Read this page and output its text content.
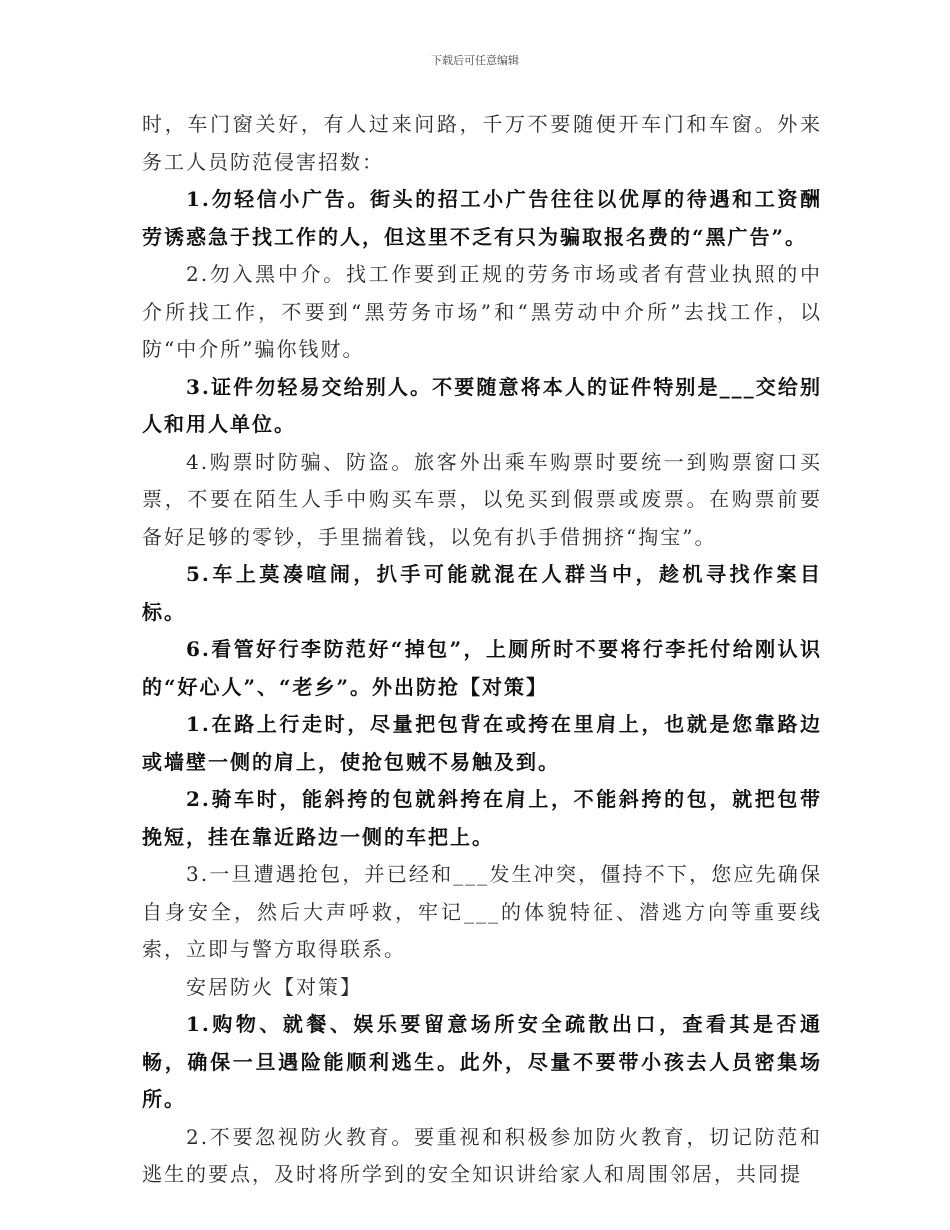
下载后可任意编辑

时，车门窗关好，有人过来问路，千万不要随便开车门和车窗。外来务工人员防范侵害招数：

1.勿轻信小广告。街头的招工小广告往往以优厚的待遇和工资酬劳诱惑急于找工作的人，但这里不乏有只为骗取报名费的“黑广告”。

2.勿入黑中介。找工作要到正规的劳务市场或者有营业执照的中介所找工作，不要到“黑劳务市场”和“黑劳动中介所”去找工作，以防“中介所”骗你钱财。

3.证件勿轻易交给别人。不要随意将本人的证件特别是___交给别人和用人单位。

4.购票时防骗、防盗。旅客外出乘车购票时要统一到购票窗口买票，不要在陌生人手中购买车票，以免买到假票或废票。在购票前要备好足够的零钞，手里揣着钱，以免有扒手借拥挤“掏宝”。

5.车上莫凑喧闹，扒手可能就混在人群当中，趁机寻找作案目标。

6.看管好行李防范好“掉包”，上厕所时不要将行李托付给刚认识的“好心人”、“老乡”。外出防抢【对策】

1.在路上行走时，尽量把包背在或挎在里肩上，也就是您靠路边或墙壁一侧的肩上，使抢包贼不易触及到。

2.骑车时，能斜挎的包就斜挎在肩上，不能斜挎的包，就把包带挽短，挂在靠近路边一侧的车把上。

3.一旦遭遇抢包，并已经和___发生冲突，僵持不下，您应先确保自身安全，然后大声呼救，牢记___的体貌特征、潜逃方向等重要线索，立即与警方取得联系。

安居防火【对策】

1.购物、就餐、娱乐要留意场所安全疏散出口，查看其是否通畅，确保一旦遇险能顺利逃生。此外，尽量不要带小孩去人员密集场所。

2.不要忽视防火教育。要重视和积极参加防火教育，切记防范和逃生的要点，及时将所学到的安全知识讲给家人和周围邻居，共同提
